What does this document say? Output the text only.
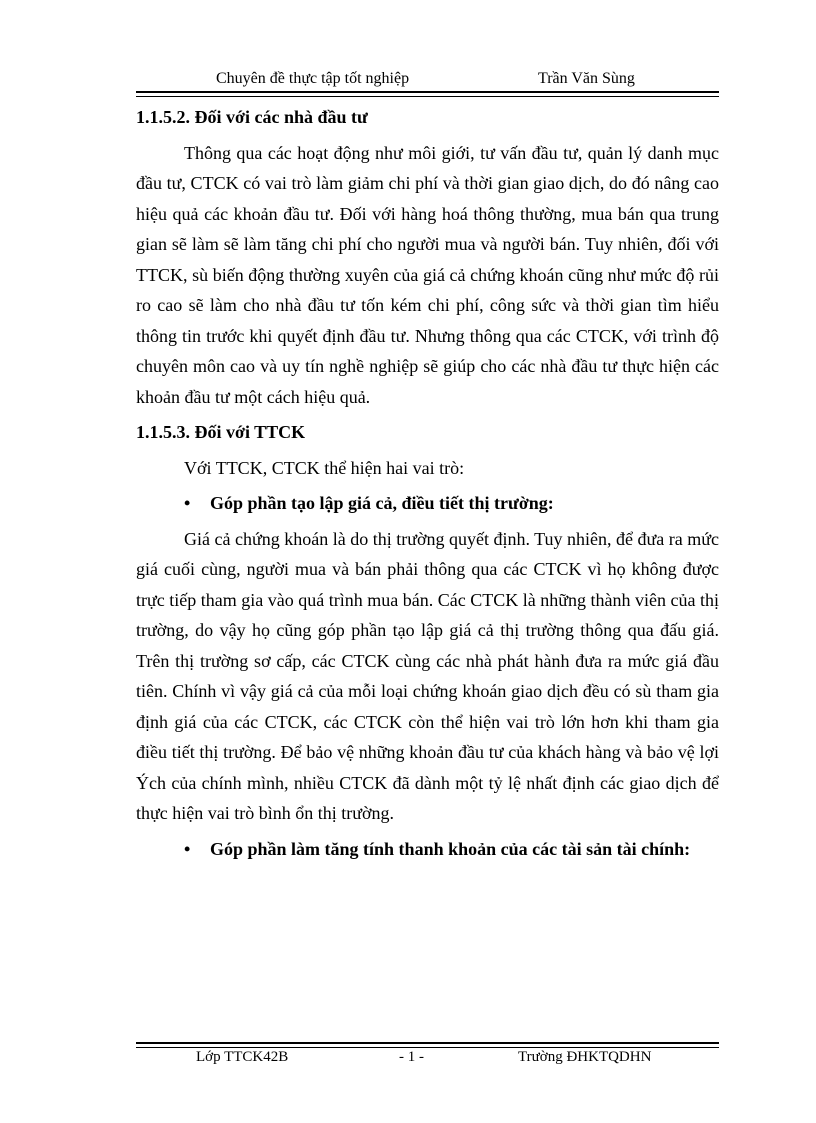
Chuyên đề thực tập tốt nghiệp	Trần Văn Sùng
1.1.5.2. Đối với các nhà đầu tư

Thông qua các hoạt động như môi giới, tư vấn đầu tư, quản lý danh mục đầu tư, CTCK có vai trò làm giảm chi phí và thời gian giao dịch, do đó nâng cao hiệu quả các khoản đầu tư. Đối với hàng hoá thông thường, mua bán qua trung gian sẽ làm sẽ làm tăng chi phí cho người mua và người bán. Tuy nhiên, đối với TTCK, sù biến động thường xuyên của giá cả chứng khoán cũng như mức độ rủi ro cao sẽ làm cho nhà đầu tư tốn kém chi phí, công sức và thời gian tìm hiểu thông tin trước khi quyết định đầu tư. Nhưng thông qua các CTCK, với trình độ chuyên môn cao và uy tín nghề nghiệp sẽ giúp cho các nhà đầu tư thực hiện các khoản đầu tư một cách hiệu quả.

1.1.5.3. Đối với TTCK

Với TTCK, CTCK thể hiện hai vai trò:

•	Góp phần tạo lập giá cả, điều tiết thị trường:

Giá cả chứng khoán là do thị trường quyết định. Tuy nhiên, để đưa ra mức giá cuối cùng, người mua và bán phải thông qua các CTCK vì họ không được trực tiếp tham gia vào quá trình mua bán. Các CTCK là những thành viên của thị trường, do vậy họ cũng góp phần tạo lập giá cả thị trường thông qua đấu giá. Trên thị trường sơ cấp, các CTCK cùng các nhà phát hành đưa ra mức giá đầu tiên. Chính vì vậy giá cả của mỗi loại chứng khoán giao dịch đều có sù tham gia định giá của các CTCK, các CTCK còn thể hiện vai trò lớn hơn khi tham gia điều tiết thị trường. Để bảo vệ những khoản đầu tư của khách hàng và bảo vệ lợi Ých của chính mình, nhiều CTCK đã dành một tỷ lệ nhất định các giao dịch để thực hiện vai trò bình ổn thị trường.

•	Góp phần làm tăng tính thanh khoản của các tài sản tài chính:
Lớp TTCK42B	- 1 -	Trường ĐHKTQDHN
